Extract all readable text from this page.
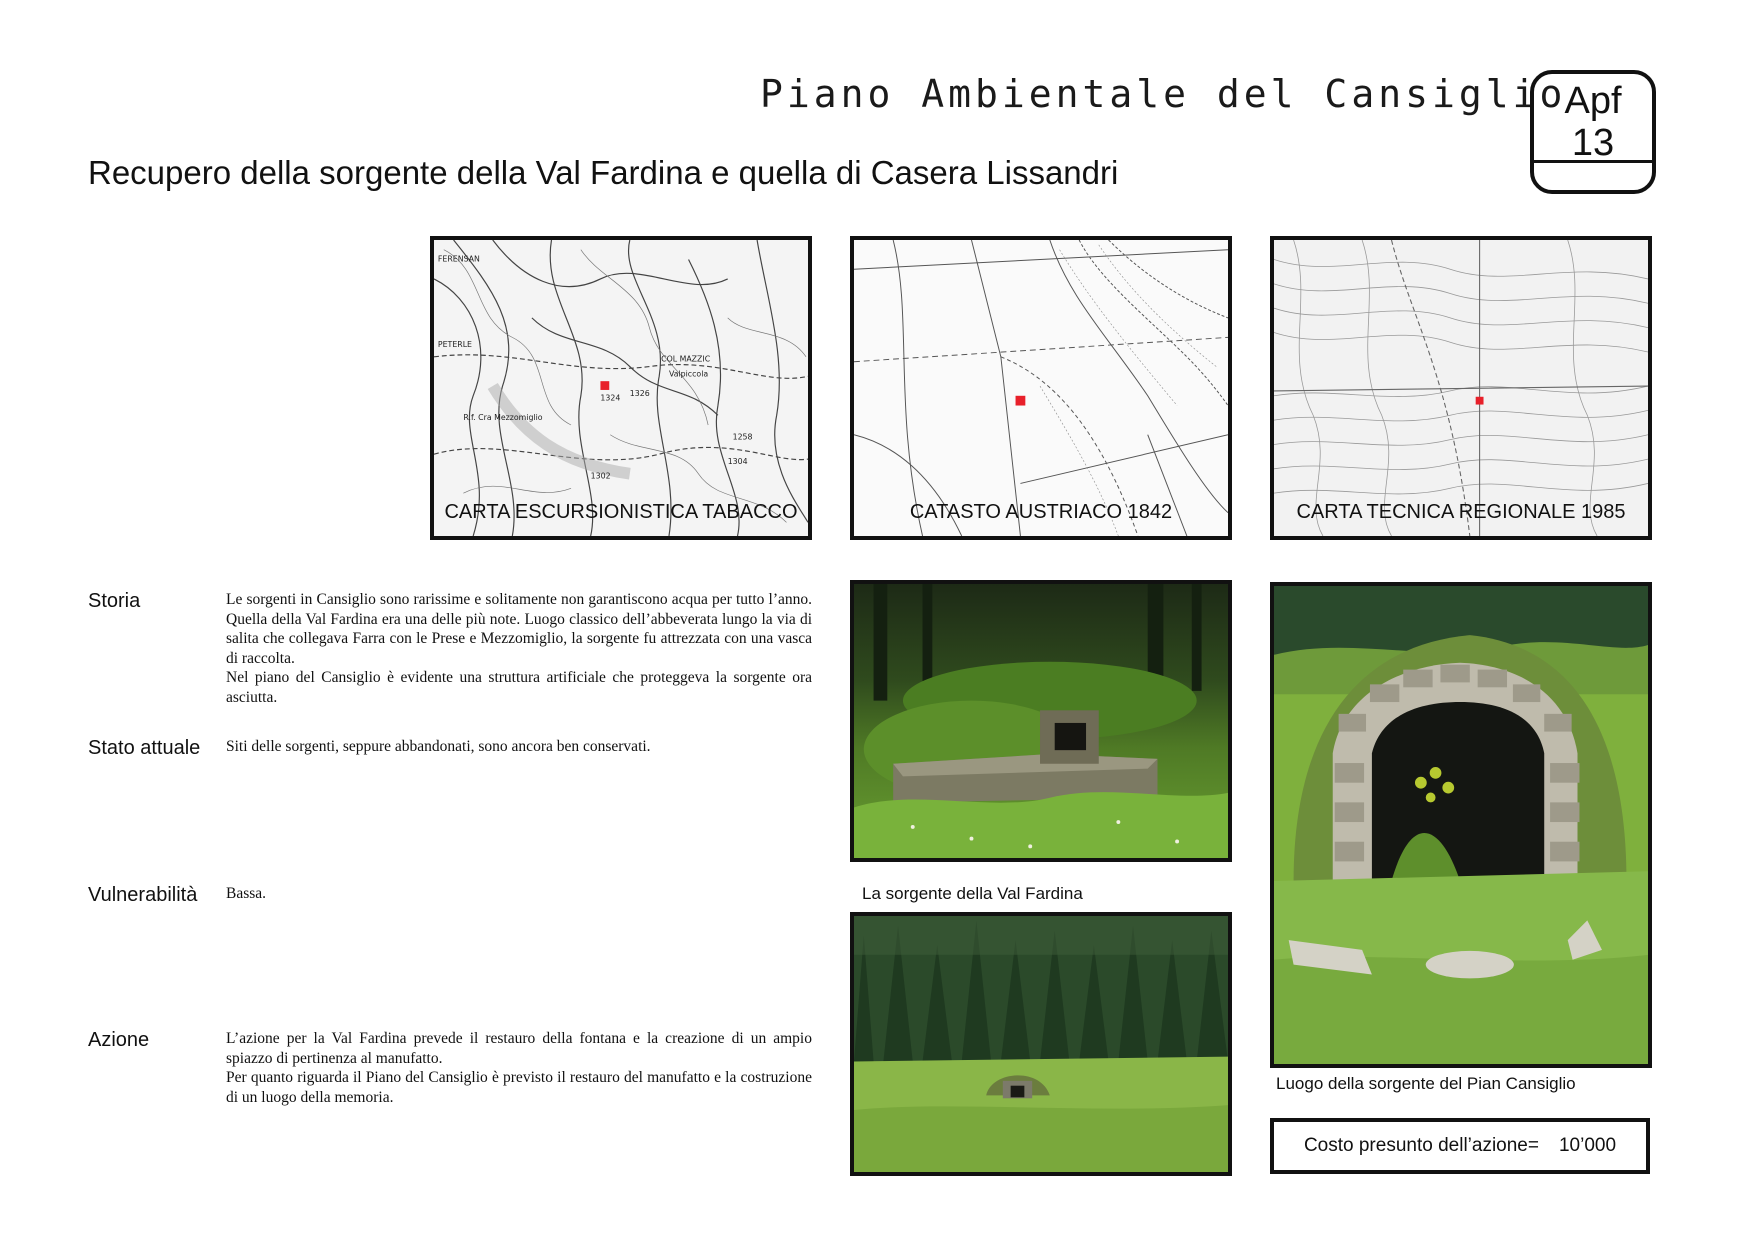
Piano Ambientale del Cansiglio
Apf
13
Recupero della sorgente della Val Fardina e quella di Casera Lissandri
FERENSAN
COL MAZZIC
Valpiccola
R.f. Cra Mezzomiglio
PETERLE
1324
1326
1258
1304
1302
CARTA ESCURSIONISTICA TABACCO	CATASTO AUSTRIACO 1842	CARTA TECNICA REGIONALE 1985
Storia	Le sorgenti in Cansiglio sono rarissime e solitamente non garantiscono acqua per tutto l’anno. Quella della Val Fardina era una delle più note. Luogo classico dell’abbeverata lungo la via di salita che collegava Farra con le Prese e Mezzomiglio, la sorgente fu attrezzata con una vasca di raccolta.
Nel piano del Cansiglio è evidente una struttura artificiale che proteggeva la sorgente ora asciutta.
Stato attuale Siti delle sorgenti, seppure abbandonati, sono ancora ben conservati.
Vulnerabilità Bassa.
Azione	L’azione per la Val Fardina prevede il restauro della fontana e la creazione di un ampio spiazzo di pertinenza al manufatto.
Per quanto riguarda il Piano del Cansiglio è previsto il restauro del manufatto e la costruzione di un luogo della memoria.
La sorgente della Val Fardina
Luogo della sorgente del Pian Cansiglio
Costo presunto dell’azione= 10’000
